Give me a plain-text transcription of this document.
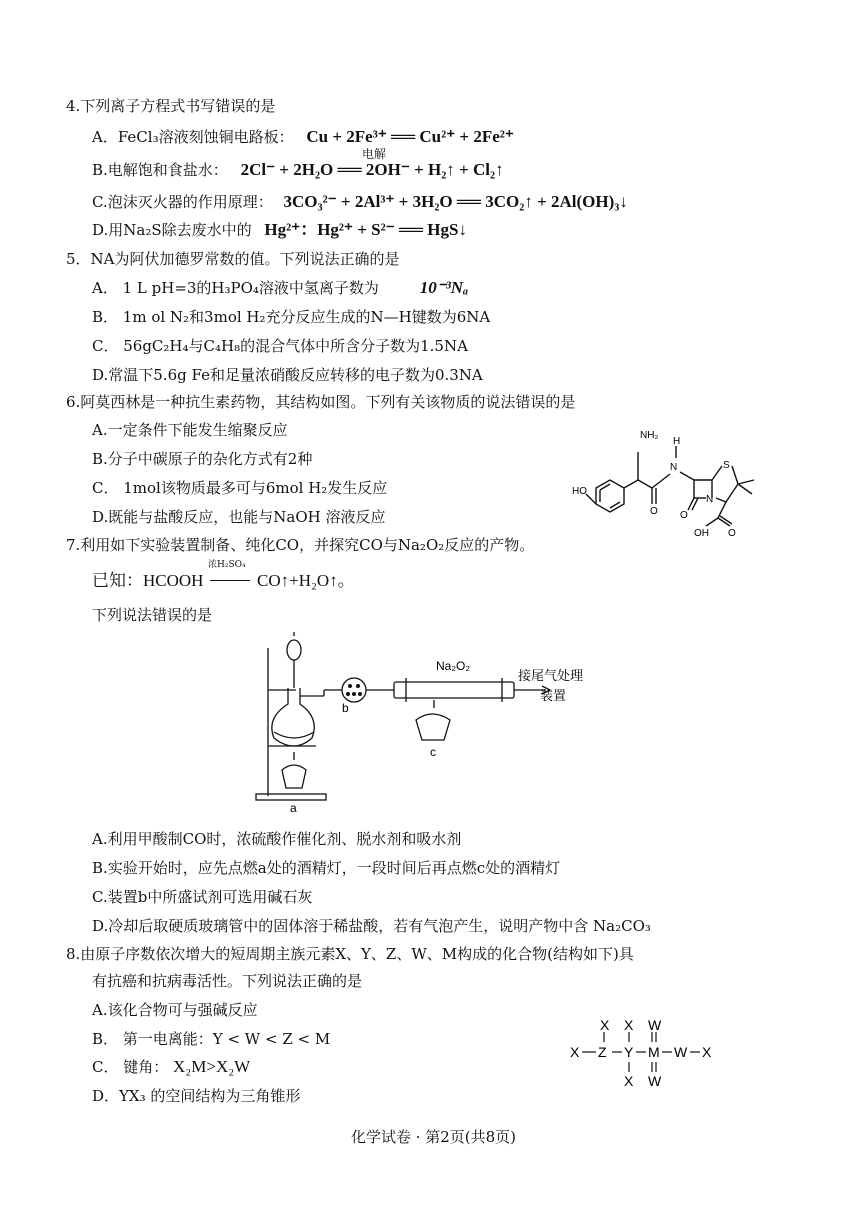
4.下列离子方程式书写错误的是
A．FeCl₃溶液刻蚀铜电路板： Cu + 2Fe³⁺ ══ Cu²⁺ + 2Fe²⁺
B.电解饱和食盐水： 2Cl⁻ + 2H₂O ══ 2OH⁻ + H₂↑ + Cl₂↑
电解
C.泡沫灭火器的作用原理： 3CO₃²⁻ + 2Al³⁺ + 3H₂O ══ 3CO₂↑ + 2Al(OH)₃↓
D.用Na₂S除去废水中的 Hg²⁺：Hg²⁺ + S²⁻ ══ HgS↓
5．NA为阿伏加德罗常数的值。下列说法正确的是
A． 1 L pH=3的H₃PO₄溶液中氢离子数为 10⁻³Nₐ
B． 1m ol N₂和3mol H₂充分反应生成的N—H键数为6NA
C． 56gC₂H₄与C₄H₈的混合气体中所含分子数为1.5NA
D.常温下5.6g Fe和足量浓硝酸反应转移的电子数为0.3NA
6.阿莫西林是一种抗生素药物，其结构如图。下列有关该物质的说法错误的是
A.一定条件下能发生缩聚反应
B.分子中碳原子的杂化方式有2种
C． 1mol该物质最多可与6mol H₂发生反应
D.既能与盐酸反应，也能与NaOH 溶液反应
NH₂
H
N	S
N
O O
HO
OH O
7.利用如下实验装置制备、纯化CO，并探究CO与Na₂O₂反应的产物。
已知：HCOOH	CO↑+H₂O↑。
浓H₂SO₄
下列说法错误的是
Na₂O₂
接尾气处理
装置
a
b
c
A.利用甲酸制CO时，浓硫酸作催化剂、脱水剂和吸水剂
B.实验开始时，应先点燃a处的酒精灯，一段时间后再点燃c处的酒精灯
C.装置b中所盛试剂可选用碱石灰
D.冷却后取硬质玻璃管中的固体溶于稀盐酸，若有气泡产生，说明产物中含 Na₂CO₃
8.由原子序数依次增大的短周期主族元素X、Y、Z、W、M构成的化合物(结构如下)具
有抗癌和抗病毒活性。下列说法正确的是
A.该化合物可与强碱反应
B． 第一电离能：Y < W < Z < M
C． 键角： X₂M>X₂W
D．YX₃ 的空间结构为三角锥形
X X W
X Z Y M W X
X W
化学试卷 · 第2页(共8页)
